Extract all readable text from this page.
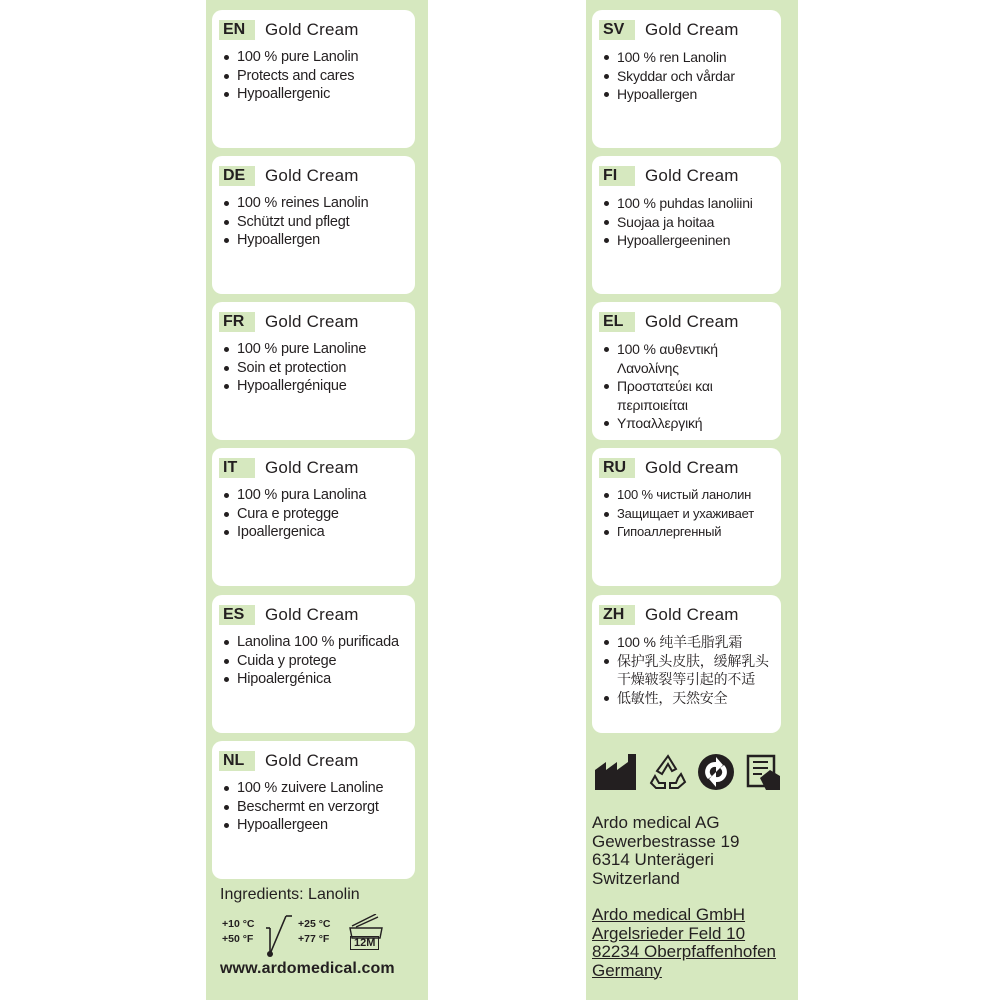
EN	Gold Cream
100 % pure Lanolin
Protects and cares
Hypoallergenic
DE	Gold Cream
100 % reines Lanolin
Schützt und pflegt
Hypoallergen
FR	Gold Cream
100 % pure Lanoline
Soin et protection
Hypoallergénique
IT	Gold Cream
100 % pura Lanolina
Cura e protegge
Ipoallergenica
ES	Gold Cream
Lanolina 100 % purificada
Cuida y protege
Hipoalergénica
NL	Gold Cream
100 % zuivere Lanoline
Beschermt en verzorgt
Hypoallergeen
Ingredients: Lanolin
+10 °C
+50 °F
+25 °C
+77 °F	12M
www.ardomedical.com
SV	Gold Cream
100 % ren Lanolin
Skyddar och vårdar
Hypoallergen
FI	Gold Cream
100 % puhdas lanoliini
Suojaa ja hoitaa
Hypoallergeeninen
EL	Gold Cream
100 % αυθεντική Λανολίνης
Προστατεύει και περιποιείται
Υποαλλεργική
RU	Gold Cream
100 % чистый ланолин
Защищает и ухаживает
Гипоаллергенный
ZH	Gold Cream
100 % 纯羊毛脂乳霜
保护乳头皮肤，缓解乳头干燥皲裂等引起的不适
低敏性，天然安全
Ardo medical AG
Gewerbestrasse 19
6314 Unterägeri
Switzerland
Ardo medical GmbH
Argelsrieder Feld 10
82234 Oberpfaffenhofen
Germany
